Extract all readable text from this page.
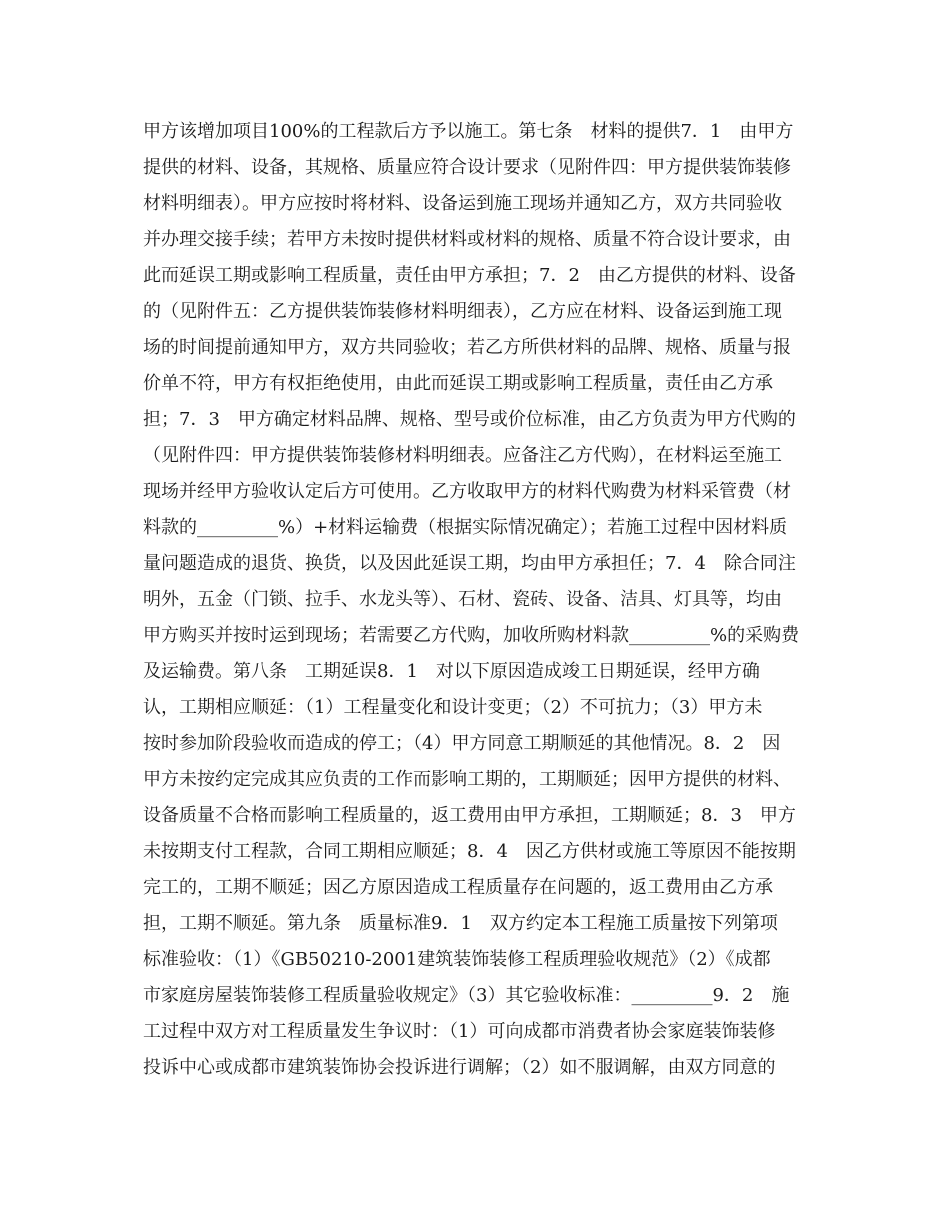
甲方该增加项目100%的工程款后方予以施工。第七条　材料的提供7．1　由甲方
提供的材料、设备，其规格、质量应符合设计要求（见附件四：甲方提供装饰装修
材料明细表）。甲方应按时将材料、设备运到施工现场并通知乙方，双方共同验收
并办理交接手续；若甲方未按时提供材料或材料的规格、质量不符合设计要求，由
此而延误工期或影响工程质量，责任由甲方承担；7．2　由乙方提供的材料、设备
的（见附件五：乙方提供装饰装修材料明细表），乙方应在材料、设备运到施工现
场的时间提前通知甲方，双方共同验收；若乙方所供材料的品牌、规格、质量与报
价单不符，甲方有权拒绝使用，由此而延误工期或影响工程质量，责任由乙方承
担；7．3　甲方确定材料品牌、规格、型号或价位标准，由乙方负责为甲方代购的
（见附件四：甲方提供装饰装修材料明细表。应备注乙方代购），在材料运至施工
现场并经甲方验收认定后方可使用。乙方收取甲方的材料代购费为材料采管费（材
料款的_________%）+材料运输费（根据实际情况确定）；若施工过程中因材料质
量问题造成的退货、换货，以及因此延误工期，均由甲方承担任；7．4　除合同注
明外，五金（门锁、拉手、水龙头等）、石材、瓷砖、设备、洁具、灯具等，均由
甲方购买并按时运到现场；若需要乙方代购，加收所购材料款_________%的采购费
及运输费。第八条　工期延误8．1　对以下原因造成竣工日期延误，经甲方确
认，工期相应顺延：（1）工程量变化和设计变更；（2）不可抗力；（3）甲方未
按时参加阶段验收而造成的停工；（4）甲方同意工期顺延的其他情况。8．2　因
甲方未按约定完成其应负责的工作而影响工期的，工期顺延；因甲方提供的材料、
设备质量不合格而影响工程质量的，返工费用由甲方承担，工期顺延；8．3　甲方
未按期支付工程款，合同工期相应顺延；8．4　因乙方供材或施工等原因不能按期
完工的，工期不顺延；因乙方原因造成工程质量存在问题的，返工费用由乙方承
担，工期不顺延。第九条　质量标准9．1　双方约定本工程施工质量按下列第项
标准验收：（1）《GB50210-2001建筑装饰装修工程质理验收规范》（2）《成都
市家庭房屋装饰装修工程质量验收规定》（3）其它验收标准：_________9．2　施
工过程中双方对工程质量发生争议时：（1）可向成都市消费者协会家庭装饰装修
投诉中心或成都市建筑装饰协会投诉进行调解；（2）如不服调解，由双方同意的
